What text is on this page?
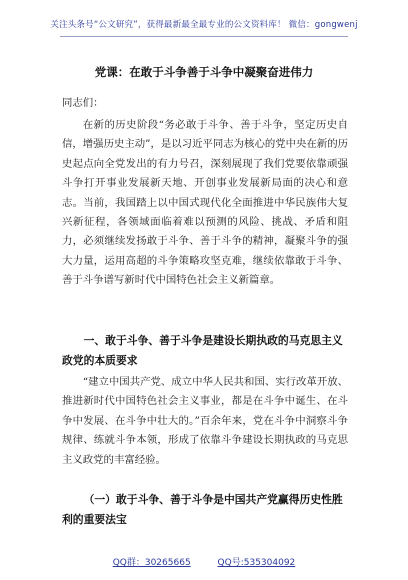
关注头条号“公文研究”，获得最新最全最专业的公文资料库！ 微信：gongwenj
党课：在敢于斗争善于斗争中凝聚奋进伟力
同志们：
在新的历史阶段“务必敢于斗争、善于斗争，坚定历史自信，增强历史主动”，是以习近平同志为核心的党中央在新的历史起点向全党发出的有力号召，深刻展现了我们党要依靠顽强斗争打开事业发展新天地、开创事业发展新局面的决心和意志。当前，我国踏上以中国式现代化全面推进中华民族伟大复兴新征程，各领域面临着难以预测的风险、挑战、矛盾和阻力，必须继续发扬敢于斗争、善于斗争的精神，凝聚斗争的强大力量，运用高超的斗争策略攻坚克难，继续依靠敢于斗争、善于斗争谱写新时代中国特色社会主义新篇章。
一、敢于斗争、善于斗争是建设长期执政的马克思主义政党的本质要求
“建立中国共产党、成立中华人民共和国、实行改革开放、推进新时代中国特色社会主义事业，都是在斗争中诞生、在斗争中发展、在斗争中壮大的。”百余年来，党在斗争中洞察斗争规律、练就斗争本领，形成了依靠斗争建设长期执政的马克思主义政党的丰富经验。
（一）敢于斗争、善于斗争是中国共产党赢得历史性胜利的重要法宝
QQ群：30265665	QQ号:535304092
